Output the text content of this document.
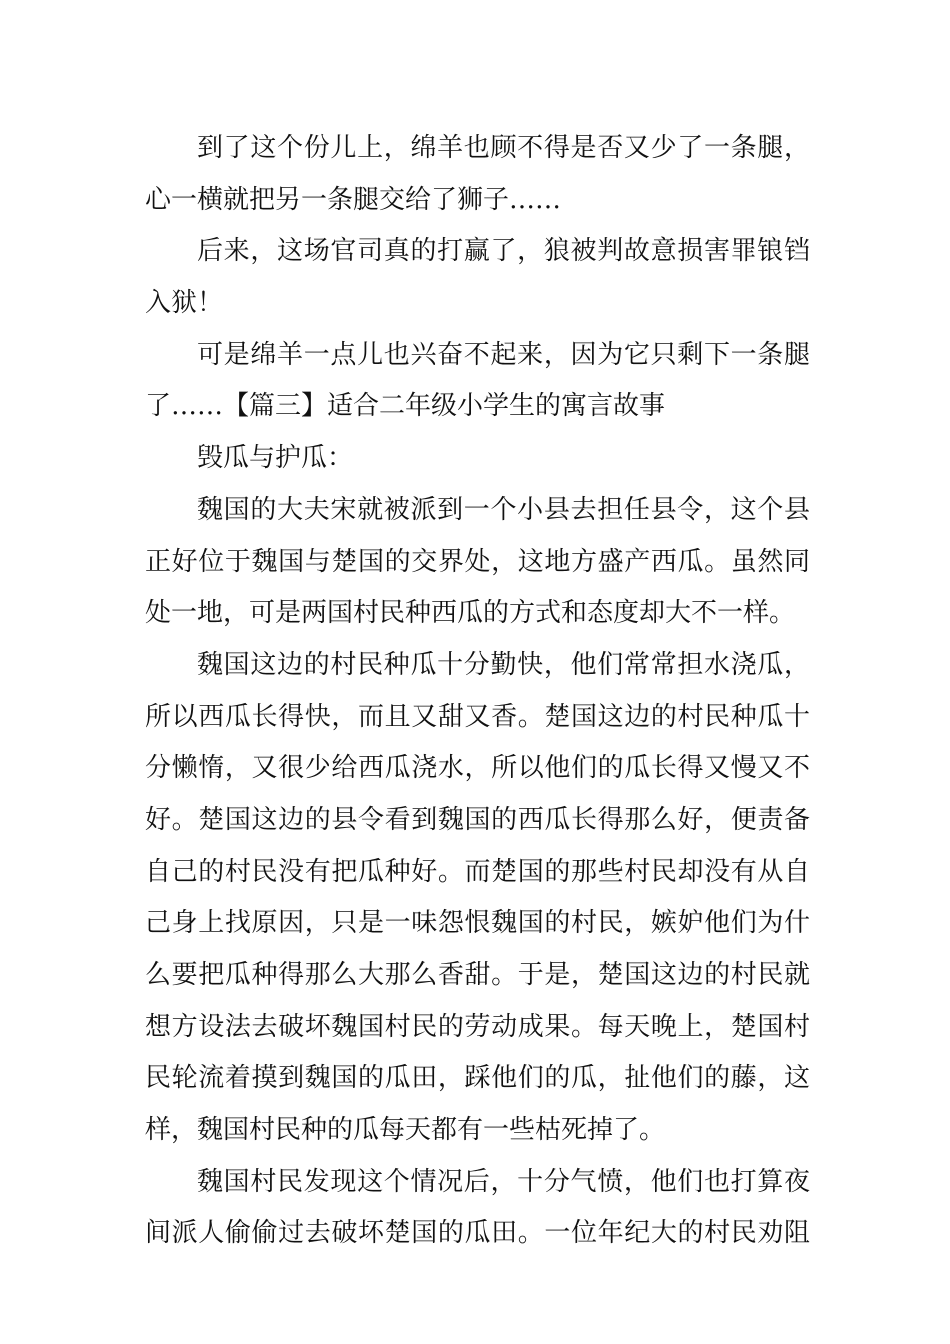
到了这个份儿上，绵羊也顾不得是否又少了一条腿，
心一横就把另一条腿交给了狮子……
后来，这场官司真的打赢了，狼被判故意损害罪锒铛
入狱！
可是绵羊一点儿也兴奋不起来，因为它只剩下一条腿
了……【篇三】适合二年级小学生的寓言故事
毁瓜与护瓜：
魏国的大夫宋就被派到一个小县去担任县令，这个县
正好位于魏国与楚国的交界处，这地方盛产西瓜。虽然同
处一地，可是两国村民种西瓜的方式和态度却大不一样。
魏国这边的村民种瓜十分勤快，他们常常担水浇瓜，
所以西瓜长得快，而且又甜又香。楚国这边的村民种瓜十
分懒惰，又很少给西瓜浇水，所以他们的瓜长得又慢又不
好。楚国这边的县令看到魏国的西瓜长得那么好，便责备
自己的村民没有把瓜种好。而楚国的那些村民却没有从自
己身上找原因，只是一味怨恨魏国的村民，嫉妒他们为什
么要把瓜种得那么大那么香甜。于是，楚国这边的村民就
想方设法去破坏魏国村民的劳动成果。每天晚上，楚国村
民轮流着摸到魏国的瓜田，踩他们的瓜，扯他们的藤，这
样，魏国村民种的瓜每天都有一些枯死掉了。
魏国村民发现这个情况后，十分气愤，他们也打算夜
间派人偷偷过去破坏楚国的瓜田。一位年纪大的村民劝阻
